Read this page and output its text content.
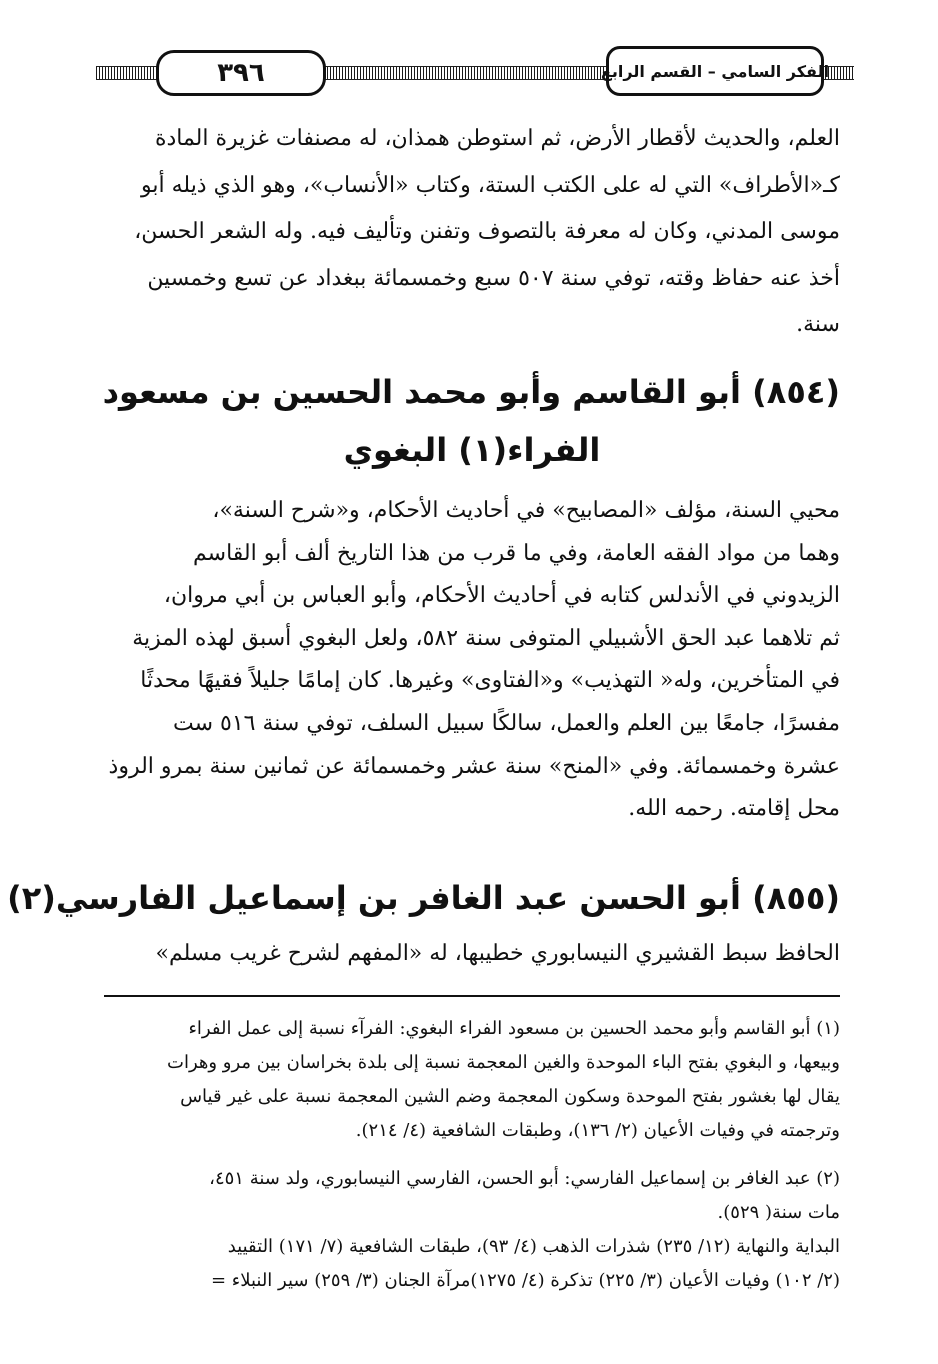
٣٩٦	الفكر السامي – القسم الرابع
العلم، والحديث لأقطار الأرض، ثم استوطن همذان، له مصنفات غزيرة المادة
كـ«الأطراف» التي له على الكتب الستة، وكتاب «الأنساب»، وهو الذي ذيله أبو
موسى المدني، وكان له معرفة بالتصوف وتفنن وتأليف فيه. وله الشعر الحسن،
أخذ عنه حفاظ وقته، توفي سنة ٥٠٧ سبع وخمسمائة ببغداد عن تسع وخمسين
سنة.
(٨٥٤) أبو القاسم وأبو محمد الحسين بن مسعود
الفراء(١) البغوي
محيي السنة، مؤلف «المصابيح» في أحاديث الأحكام، و«شرح السنة»،
وهما من مواد الفقه العامة، وفي ما قرب من هذا التاريخ ألف أبو القاسم
الزيدوني في الأندلس كتابه في أحاديث الأحكام، وأبو العباس بن أبي مروان،
ثم تلاهما عبد الحق الأشبيلي المتوفى سنة ٥٨٢، ولعل البغوي أسبق لهذه المزية
في المتأخرين، وله« التهذيب» و«الفتاوى» وغيرها. كان إمامًا جليلاً فقيهًا محدثًا
مفسرًا، جامعًا بين العلم والعمل، سالكًا سبيل السلف، توفي سنة ٥١٦ ست
عشرة وخمسمائة. وفي «المنح» سنة عشر وخمسمائة عن ثمانين سنة بمرو الروذ
محل إقامته. رحمه الله.
(٨٥٥) أبو الحسن عبد الغافر بن إسماعيل الفارسي(٢)
الحافظ سبط القشيري النيسابوري خطيبها، له «المفهم لشرح غريب مسلم»
(١) أبو القاسم وأبو محمد الحسين بن مسعود الفراء البغوي: الفرآء نسبة إلى عمل الفراء
وبيعها، و البغوي بفتح الباء الموحدة والغين المعجمة نسبة إلى بلدة بخراسان بين مرو وهرات
يقال لها بغشور بفتح الموحدة وسكون المعجمة وضم الشين المعجمة نسبة على غير قياس
وترجمته في وفيات الأعيان (٢/ ١٣٦)، وطبقات الشافعية (٤/ ٢١٤).
(٢) عبد الغافر بن إسماعيل الفارسي: أبو الحسن، الفارسي النيسابوري، ولد سنة ٤٥١،
مات سنة( ٥٢٩).
البداية والنهاية (١٢/ ٢٣٥) شذرات الذهب (٤/ ٩٣)، طبقات الشافعية (٧/ ١٧١) التقييد
(٢/ ١٠٢) وفيات الأعيان (٣/ ٢٢٥) تذكرة (٤/ ١٢٧٥)مرآة الجنان (٣/ ٢٥٩) سير النبلاء =
